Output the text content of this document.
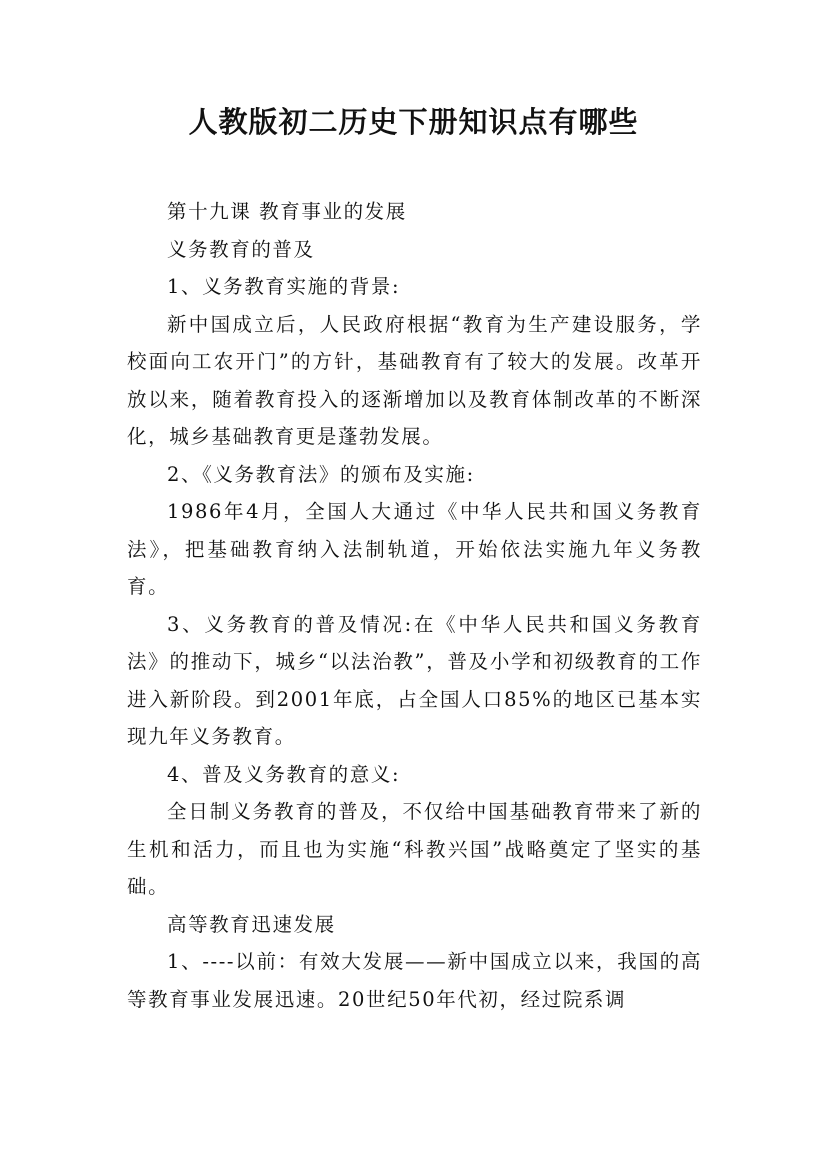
人教版初二历史下册知识点有哪些

第十九课 教育事业的发展

义务教育的普及

1、义务教育实施的背景:

新中国成立后，人民政府根据“教育为生产建设服务，学校面向工农开门”的方针，基础教育有了较大的发展。改革开放以来，随着教育投入的逐渐增加以及教育体制改革的不断深化，城乡基础教育更是蓬勃发展。

2、《义务教育法》的颁布及实施:

1986年4月，全国人大通过《中华人民共和国义务教育法》，把基础教育纳入法制轨道，开始依法实施九年义务教育。

3、义务教育的普及情况:在《中华人民共和国义务教育法》的推动下，城乡“以法治教”，普及小学和初级教育的工作进入新阶段。到2001年底，占全国人口85%的地区已基本实现九年义务教育。

4、普及义务教育的意义:

全日制义务教育的普及，不仅给中国基础教育带来了新的生机和活力，而且也为实施“科教兴国”战略奠定了坚实的基础。

高等教育迅速发展

1、----以前：有效大发展——新中国成立以来，我国的高等教育事业发展迅速。20世纪50年代初，经过院系调
